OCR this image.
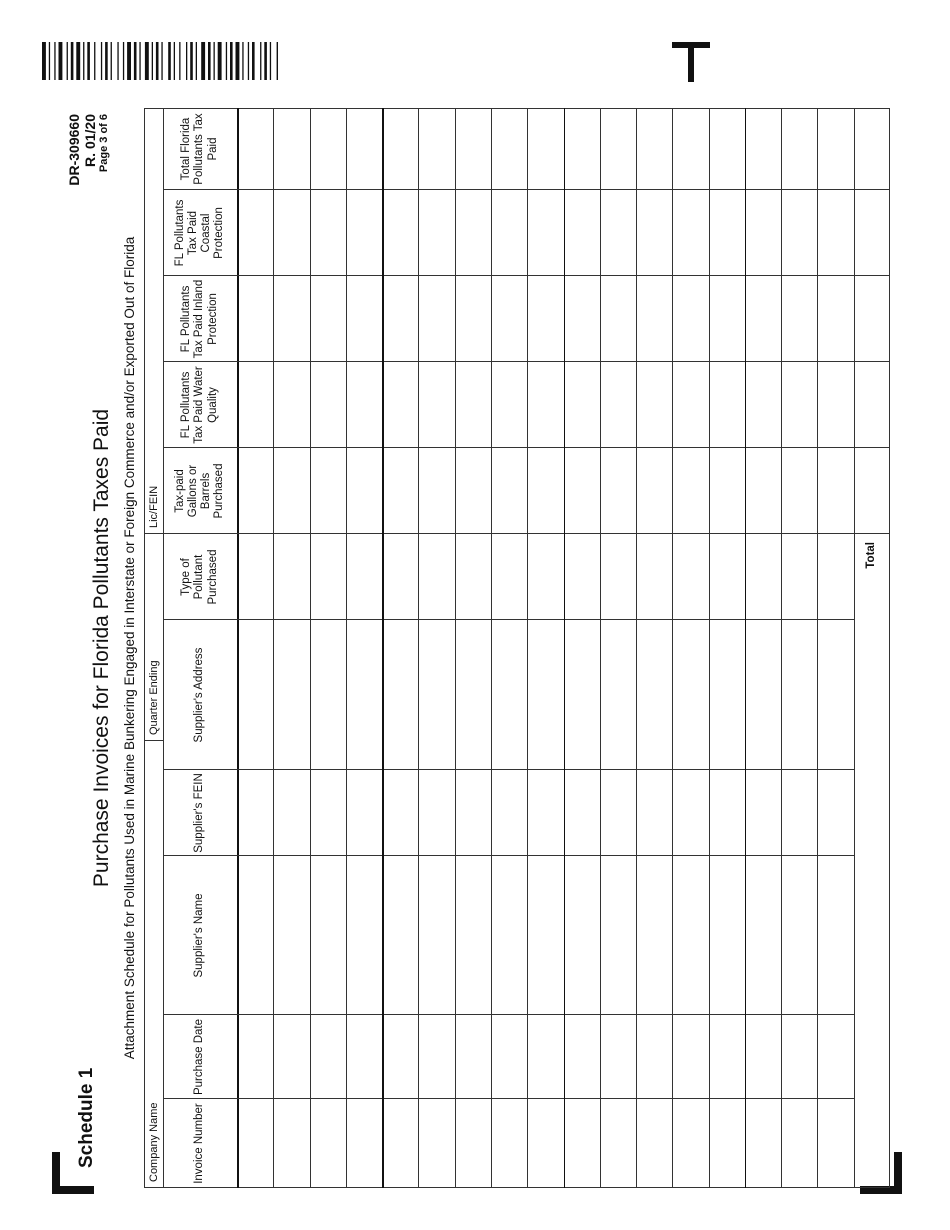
Schedule 1
Purchase Invoices for Florida Pollutants Taxes Paid Attachment Schedule for Pollutants Used in Marine Bunkering Engaged in Interstate or Foreign Commerce and/or Exported Out of Florida
DR-309660 R. 01/20 Page 3 of 6
Company Name
Quarter Ending
Lic/FEIN
Invoice Number
Purchase Date
Supplier's Name
Supplier's FEIN
Supplier's Address
Type of Pollutant Purchased
Tax-paid Gallons or Barrels Purchased
FL Pollutants Tax Paid Water Quality
FL Pollutants Tax Paid Inland Protection
FL Pollutants Tax Paid Coastal Protection
Total Florida Pollutants Tax Paid
Total
